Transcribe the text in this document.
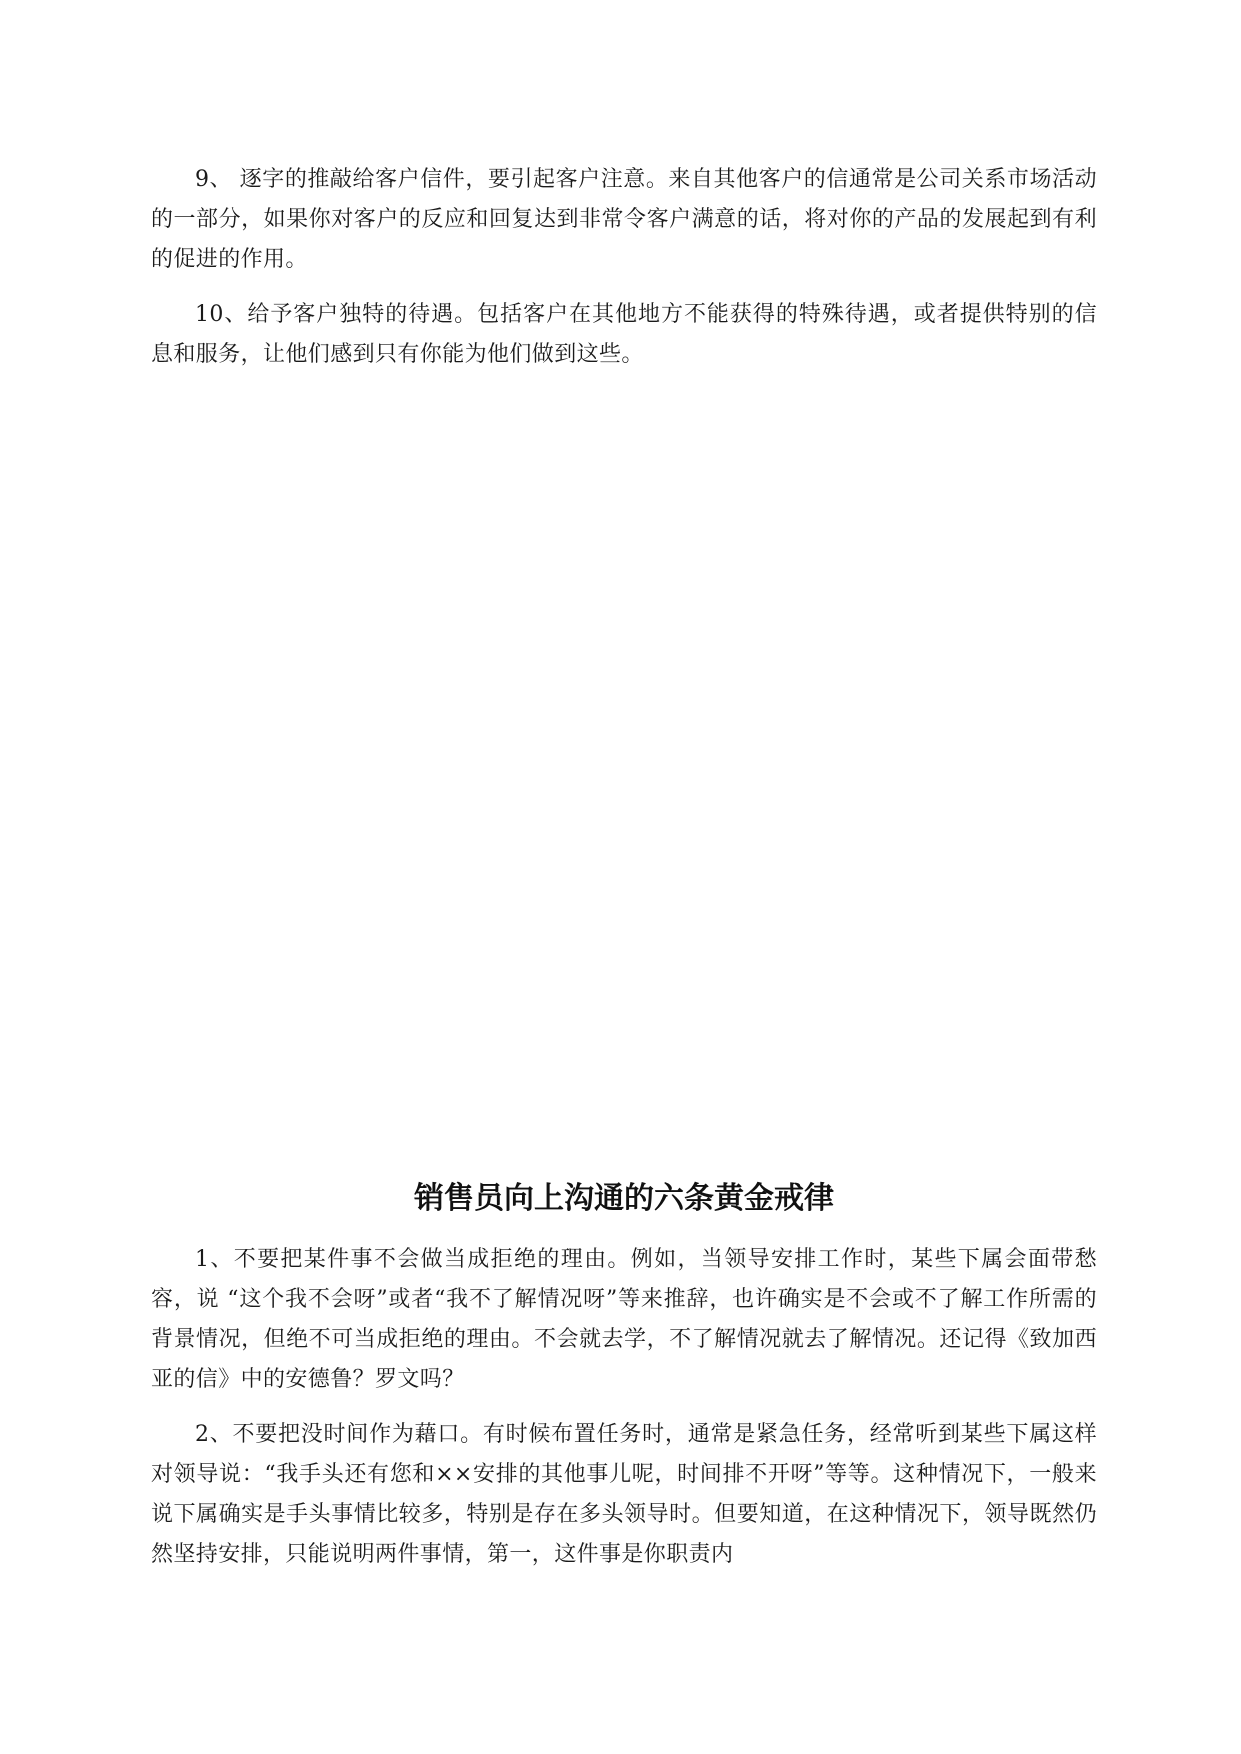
9、 逐字的推敲给客户信件，要引起客户注意。来自其他客户的信通常是公司关系市场活动的一部分，如果你对客户的反应和回复达到非常令客户满意的话，将对你的产品的发展起到有利的促进的作用。

10、给予客户独特的待遇。包括客户在其他地方不能获得的特殊待遇，或者提供特别的信息和服务，让他们感到只有你能为他们做到这些。

销售员向上沟通的六条黄金戒律

1、不要把某件事不会做当成拒绝的理由。例如，当领导安排工作时，某些下属会面带愁容，说 “这个我不会呀”或者“我不了解情况呀”等来推辞，也许确实是不会或不了解工作所需的背景情况，但绝不可当成拒绝的理由。不会就去学，不了解情况就去了解情况。还记得《致加西亚的信》中的安德鲁？罗文吗？

2、不要把没时间作为藉口。有时候布置任务时，通常是紧急任务，经常听到某些下属这样对领导说：“我手头还有您和××安排的其他事儿呢，时间排不开呀”等等。这种情况下，一般来说下属确实是手头事情比较多，特别是存在多头领导时。但要知道，在这种情况下，领导既然仍然坚持安排，只能说明两件事情，第一，这件事是你职责内
